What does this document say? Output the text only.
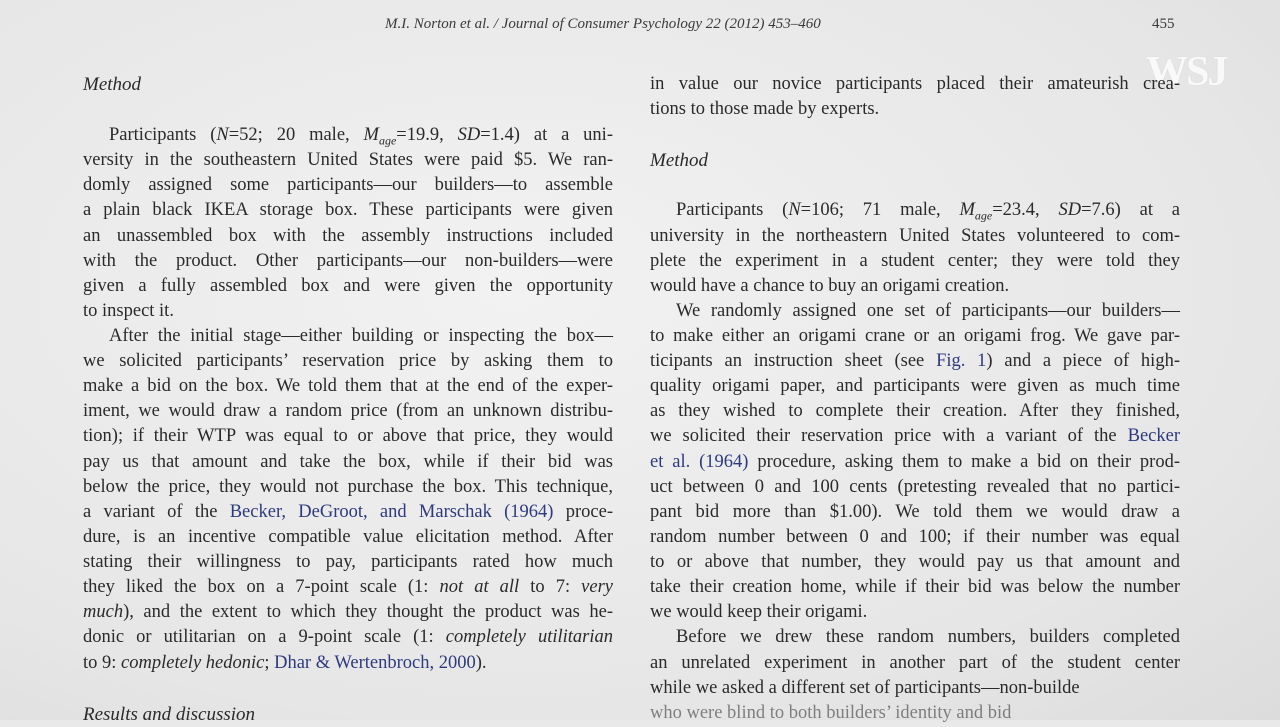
M.I. Norton et al. / Journal of Consumer Psychology 22 (2012) 453–460	455
WSJ
Method
Participants (N=52; 20 male, $M_{age}=19.9$, SD=1.4) at a uni-
versity in the southeastern United States were paid $5. We ran-
domly assigned some participants—our builders—to assemble
a plain black IKEA storage box. These participants were given
an unassembled box with the assembly instructions included
with the product. Other participants—our non-builders—were
given a fully assembled box and were given the opportunity
to inspect it.
After the initial stage—either building or inspecting the box—
we solicited participants’ reservation price by asking them to
make a bid on the box. We told them that at the end of the exper-
iment, we would draw a random price (from an unknown distribu-
tion); if their WTP was equal to or above that price, they would
pay us that amount and take the box, while if their bid was
below the price, they would not purchase the box. This technique,
a variant of the Becker, DeGroot, and Marschak (1964) proce-
dure, is an incentive compatible value elicitation method. After
stating their willingness to pay, participants rated how much
they liked the box on a 7-point scale (1: not at all to 7: very
much), and the extent to which they thought the product was he-
donic or utilitarian on a 9-point scale (1: completely utilitarian
to 9: completely hedonic; Dhar & Wertenbroch, 2000).
Results and discussion
in value our novice participants placed their amateurish crea-
tions to those made by experts.
Method
Participants (N=106; 71 male, $M_{age}=23.4$, SD=7.6) at a
university in the northeastern United States volunteered to com-
plete the experiment in a student center; they were told they
would have a chance to buy an origami creation.
We randomly assigned one set of participants—our builders—
to make either an origami crane or an origami frog. We gave par-
ticipants an instruction sheet (see Fig. 1) and a piece of high-
quality origami paper, and participants were given as much time
as they wished to complete their creation. After they finished,
we solicited their reservation price with a variant of the Becker
et al. (1964) procedure, asking them to make a bid on their prod-
uct between 0 and 100 cents (pretesting revealed that no partici-
pant bid more than $1.00). We told them we would draw a
random number between 0 and 100; if their number was equal
to or above that number, they would pay us that amount and
take their creation home, while if their bid was below the number
we would keep their origami.
Before we drew these random numbers, builders completed
an unrelated experiment in another part of the student center
while we asked a different set of participants—non-builde
who were blind to both builders’ identity and bid
